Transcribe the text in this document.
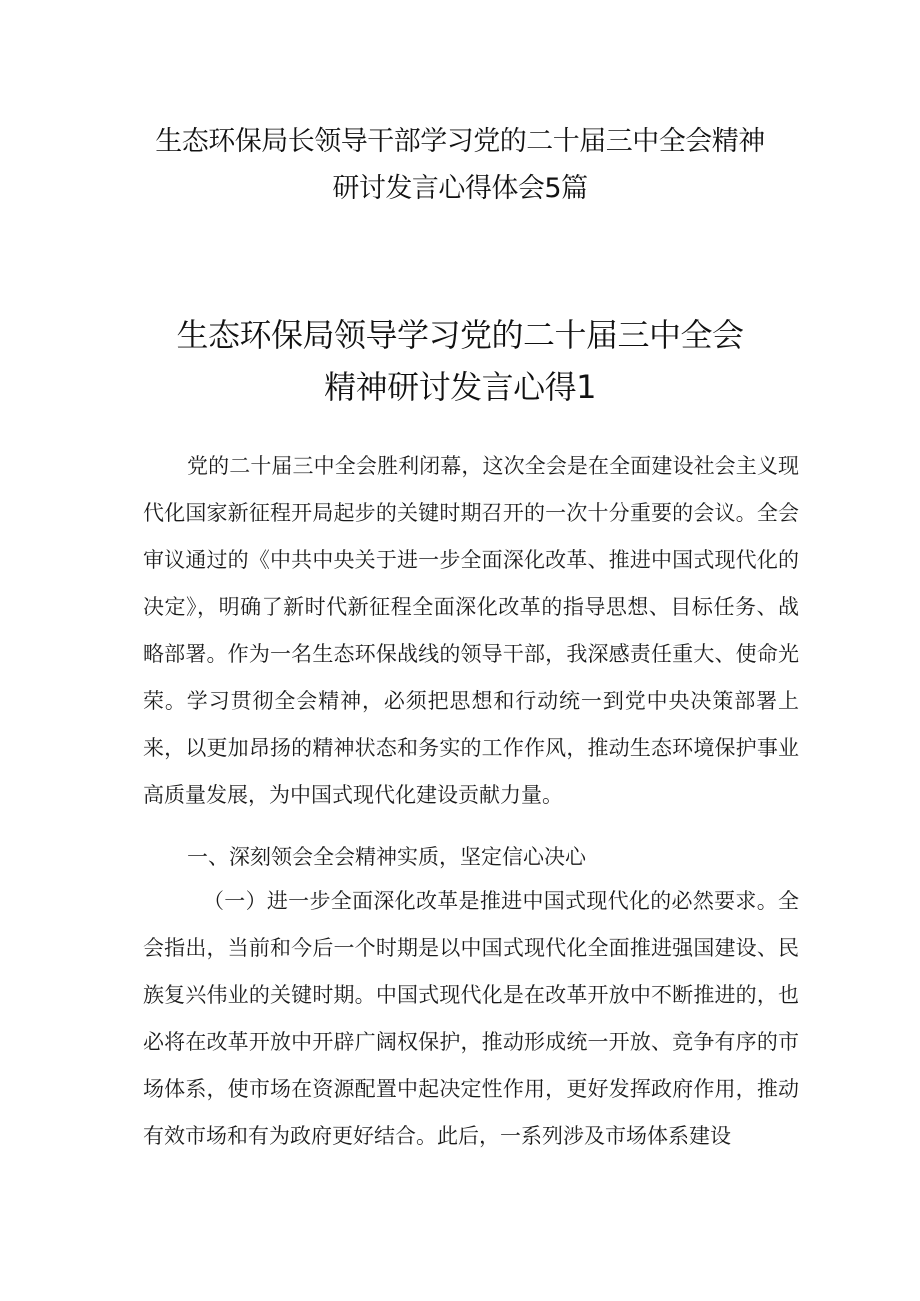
生态环保局长领导干部学习党的二十届三中全会精神
研讨发言心得体会5篇
生态环保局领导学习党的二十届三中全会
精神研讨发言心得1

党的二十届三中全会胜利闭幕，这次全会是在全面建设社会主义现代化国家新征程开局起步的关键时期召开的一次十分重要的会议。全会审议通过的《中共中央关于进一步全面深化改革、推进中国式现代化的决定》，明确了新时代新征程全面深化改革的指导思想、目标任务、战略部署。作为一名生态环保战线的领导干部，我深感责任重大、使命光荣。学习贯彻全会精神，必须把思想和行动统一到党中央决策部署上来，以更加昂扬的精神状态和务实的工作作风，推动生态环境保护事业高质量发展，为中国式现代化建设贡献力量。

一、深刻领会全会精神实质，坚定信心决心

（一）进一步全面深化改革是推进中国式现代化的必然要求。全会指出，当前和今后一个时期是以中国式现代化全面推进强国建设、民族复兴伟业的关键时期。中国式现代化是在改革开放中不断推进的，也必将在改革开放中开辟广阔权保护，推动形成统一开放、竞争有序的市场体系，使市场在资源配置中起决定性作用，更好发挥政府作用，推动有效市场和有为政府更好结合。此后，一系列涉及市场体系建设
